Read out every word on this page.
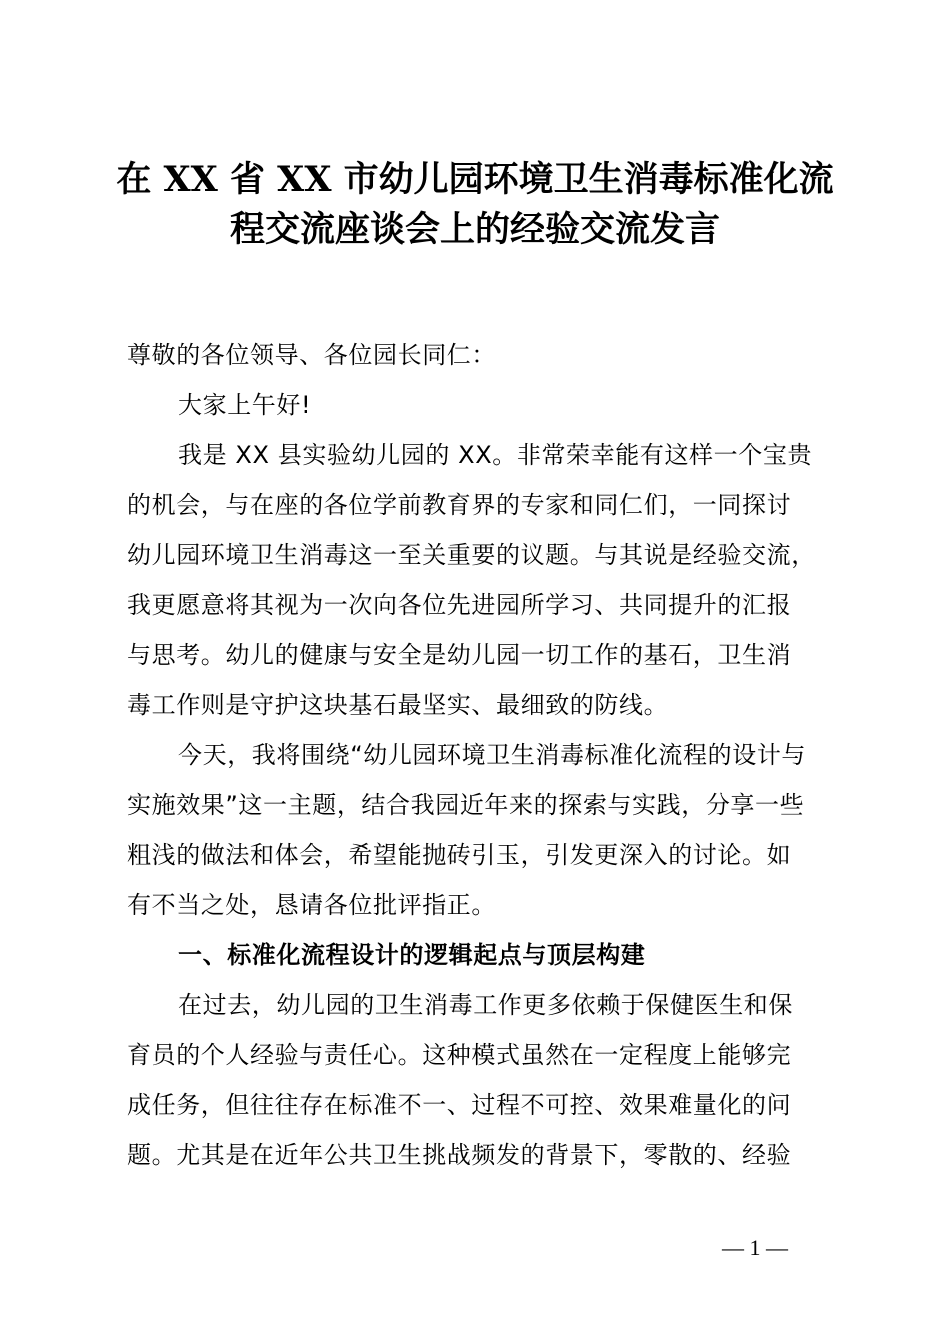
在 XX 省 XX 市幼儿园环境卫生消毒标准化流
程交流座谈会上的经验交流发言
尊敬的各位领导、各位园长同仁：
大家上午好!
我是 XX 县实验幼儿园的 XX。非常荣幸能有这样一个宝贵
的机会，与在座的各位学前教育界的专家和同仁们，一同探讨
幼儿园环境卫生消毒这一至关重要的议题。与其说是经验交流，
我更愿意将其视为一次向各位先进园所学习、共同提升的汇报
与思考。幼儿的健康与安全是幼儿园一切工作的基石，卫生消
毒工作则是守护这块基石最坚实、最细致的防线。
今天，我将围绕“幼儿园环境卫生消毒标准化流程的设计与
实施效果”这一主题，结合我园近年来的探索与实践，分享一些
粗浅的做法和体会，希望能抛砖引玉，引发更深入的讨论。如
有不当之处，恳请各位批评指正。
一、标准化流程设计的逻辑起点与顶层构建
在过去，幼儿园的卫生消毒工作更多依赖于保健医生和保
育员的个人经验与责任心。这种模式虽然在一定程度上能够完
成任务，但往往存在标准不一、过程不可控、效果难量化的问
题。尤其是在近年公共卫生挑战频发的背景下，零散的、经验
— 1 —
